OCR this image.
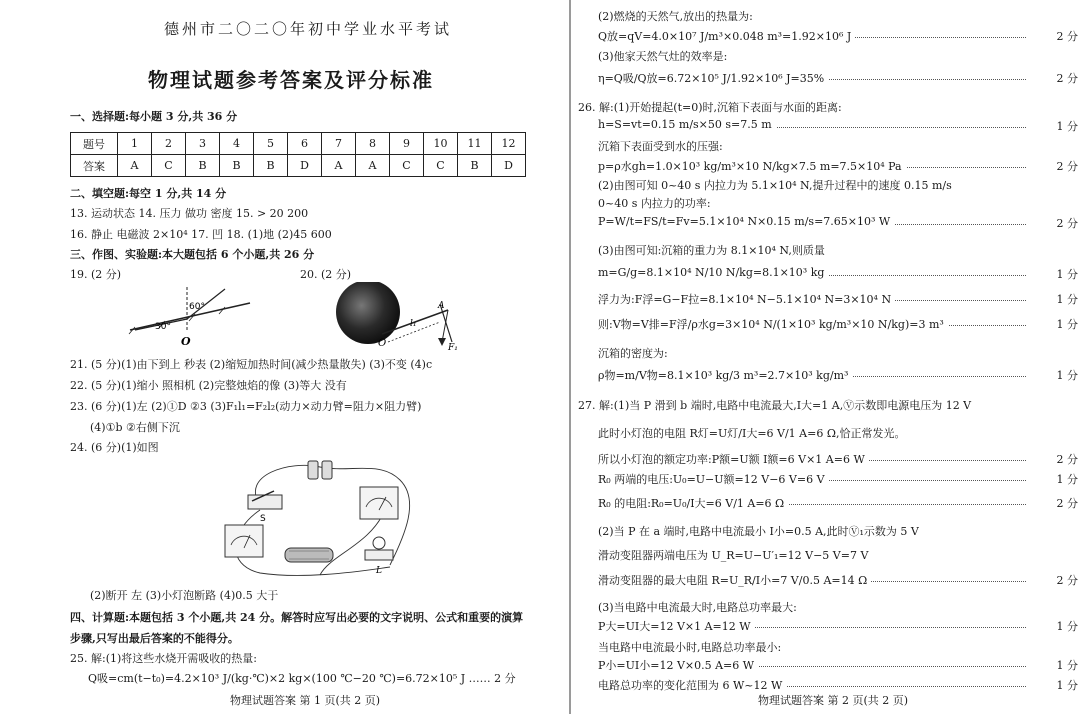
德州市二〇二〇年初中学业水平考试
物理试题参考答案及评分标准
一、选择题:每小题 3 分,共 36 分
题号	1	2	3	4	5	6	7	8	9	10	11	12
答案	A	C	B	B	B	D	A	A	C	C	B	D
二、填空题:每空 1 分,共 14 分
13. 运动状态 14. 压力 做功 密度 15. > 20 200
16. 静止 电磁波 2×10⁴ 17. 凹 18. (1)地 (2)45 600
三、作图、实验题:本大题包括 6 个小题,共 26 分
19. (2 分)	20. (2 分)
60°
30°
O	O
l₁
A
F₁
21. (5 分)(1)由下到上 秒表 (2)缩短加热时间(减少热量散失) (3)不变 (4)c
22. (5 分)(1)缩小 照相机 (2)完整烛焰的像 (3)等大 没有
23. (6 分)(1)左 (2)①D ②3 (3)F₁l₁=F₂l₂(动力×动力臂=阻力×阻力臂)
(4)①b ②右侧下沉
24. (6 分)(1)如图
S
L
(2)断开 左 (3)小灯泡断路 (4)0.5 大于
四、计算题:本题包括 3 个小题,共 24 分。解答时应写出必要的文字说明、公式和重要的演算
步骤,只写出最后答案的不能得分。
25. 解:(1)将这些水烧开需吸收的热量:
Q吸=cm(t−t₀)=4.2×10³ J/(kg·℃)×2 kg×(100 ℃−20 ℃)=6.72×10⁵ J …… 2 分
物理试题答案 第 1 页(共 2 页)
(2)燃烧的天然气,放出的热量为:
Q放=qV=4.0×10⁷ J/m³×0.048 m³=1.92×10⁶ J	2 分
(3)他家天然气灶的效率是:
η=Q吸/Q放=6.72×10⁵ J/1.92×10⁶ J=35%	2 分
26. 解:(1)开始提起(t=0)时,沉箱下表面与水面的距离:
h=S=vt=0.15 m/s×50 s=7.5 m	1 分
沉箱下表面受到水的压强:
p=ρ水gh=1.0×10³ kg/m³×10 N/kg×7.5 m=7.5×10⁴ Pa	2 分
(2)由图可知 0~40 s 内拉力为 5.1×10⁴ N,提升过程中的速度 0.15 m/s
0~40 s 内拉力的功率:
P=W/t=FS/t=Fv=5.1×10⁴ N×0.15 m/s=7.65×10³ W	2 分
(3)由图可知:沉箱的重力为 8.1×10⁴ N,则质量
m=G/g=8.1×10⁴ N/10 N/kg=8.1×10³ kg	1 分
浮力为:F浮=G−F拉=8.1×10⁴ N−5.1×10⁴ N=3×10⁴ N	1 分
则:V物=V排=F浮/ρ水g=3×10⁴ N/(1×10³ kg/m³×10 N/kg)=3 m³	1 分
沉箱的密度为:
ρ物=m/V物=8.1×10³ kg/3 m³=2.7×10³ kg/m³	1 分
27. 解:(1)当 P 滑到 b 端时,电路中电流最大,I大=1 A,Ⓥ示数即电源电压为 12 V
此时小灯泡的电阻 R灯=U灯/I大=6 V/1 A=6 Ω,恰正常发光。
所以小灯泡的额定功率:P额=U额 I额=6 V×1 A=6 W	2 分
R₀ 两端的电压:U₀=U−U额=12 V−6 V=6 V	1 分
R₀ 的电阻:R₀=U₀/I大=6 V/1 A=6 Ω	2 分
(2)当 P 在 a 端时,电路中电流最小 I小=0.5 A,此时Ⓥ₁示数为 5 V
滑动变阻器两端电压为 U_R=U−U′₁=12 V−5 V=7 V
滑动变阻器的最大电阻 R=U_R/I小=7 V/0.5 A=14 Ω	2 分
(3)当电路中电流最大时,电路总功率最大:
P大=UI大=12 V×1 A=12 W	1 分
当电路中电流最小时,电路总功率最小:
P小=UI小=12 V×0.5 A=6 W	1 分
电路总功率的变化范围为 6 W~12 W	1 分
物理试题答案 第 2 页(共 2 页)
